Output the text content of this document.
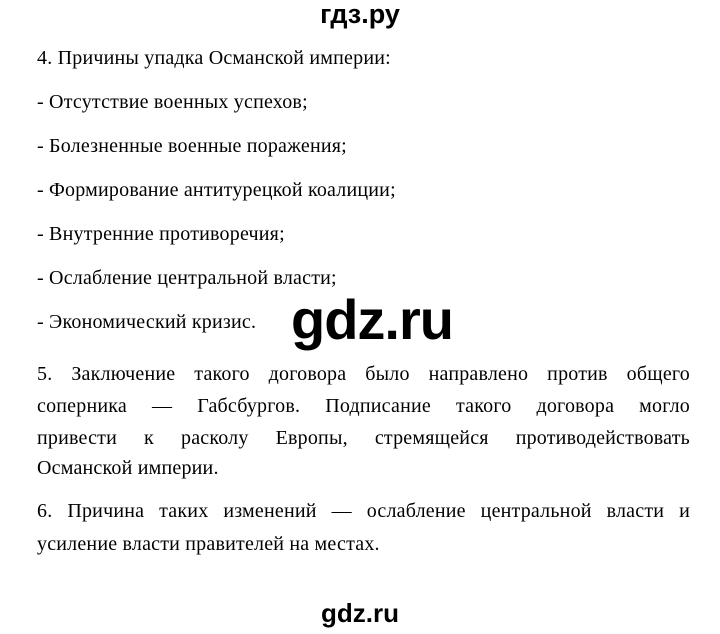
гдз.ру
4. Причины упадка Османской империи:
- Отсутствие военных успехов;
- Болезненные военные поражения;
- Формирование антитурецкой коалиции;
- Внутренние противоречия;
- Ослабление центральной власти;
- Экономический кризис. gdz.ru
5. Заключение такого договора было направлено против общего
соперника — Габсбургов. Подписание такого договора могло
привести к расколу Европы, стремящейся противодействовать
Османской империи.
6. Причина таких изменений — ослабление центральной власти и
усиление власти правителей на местах.
gdz.ru
